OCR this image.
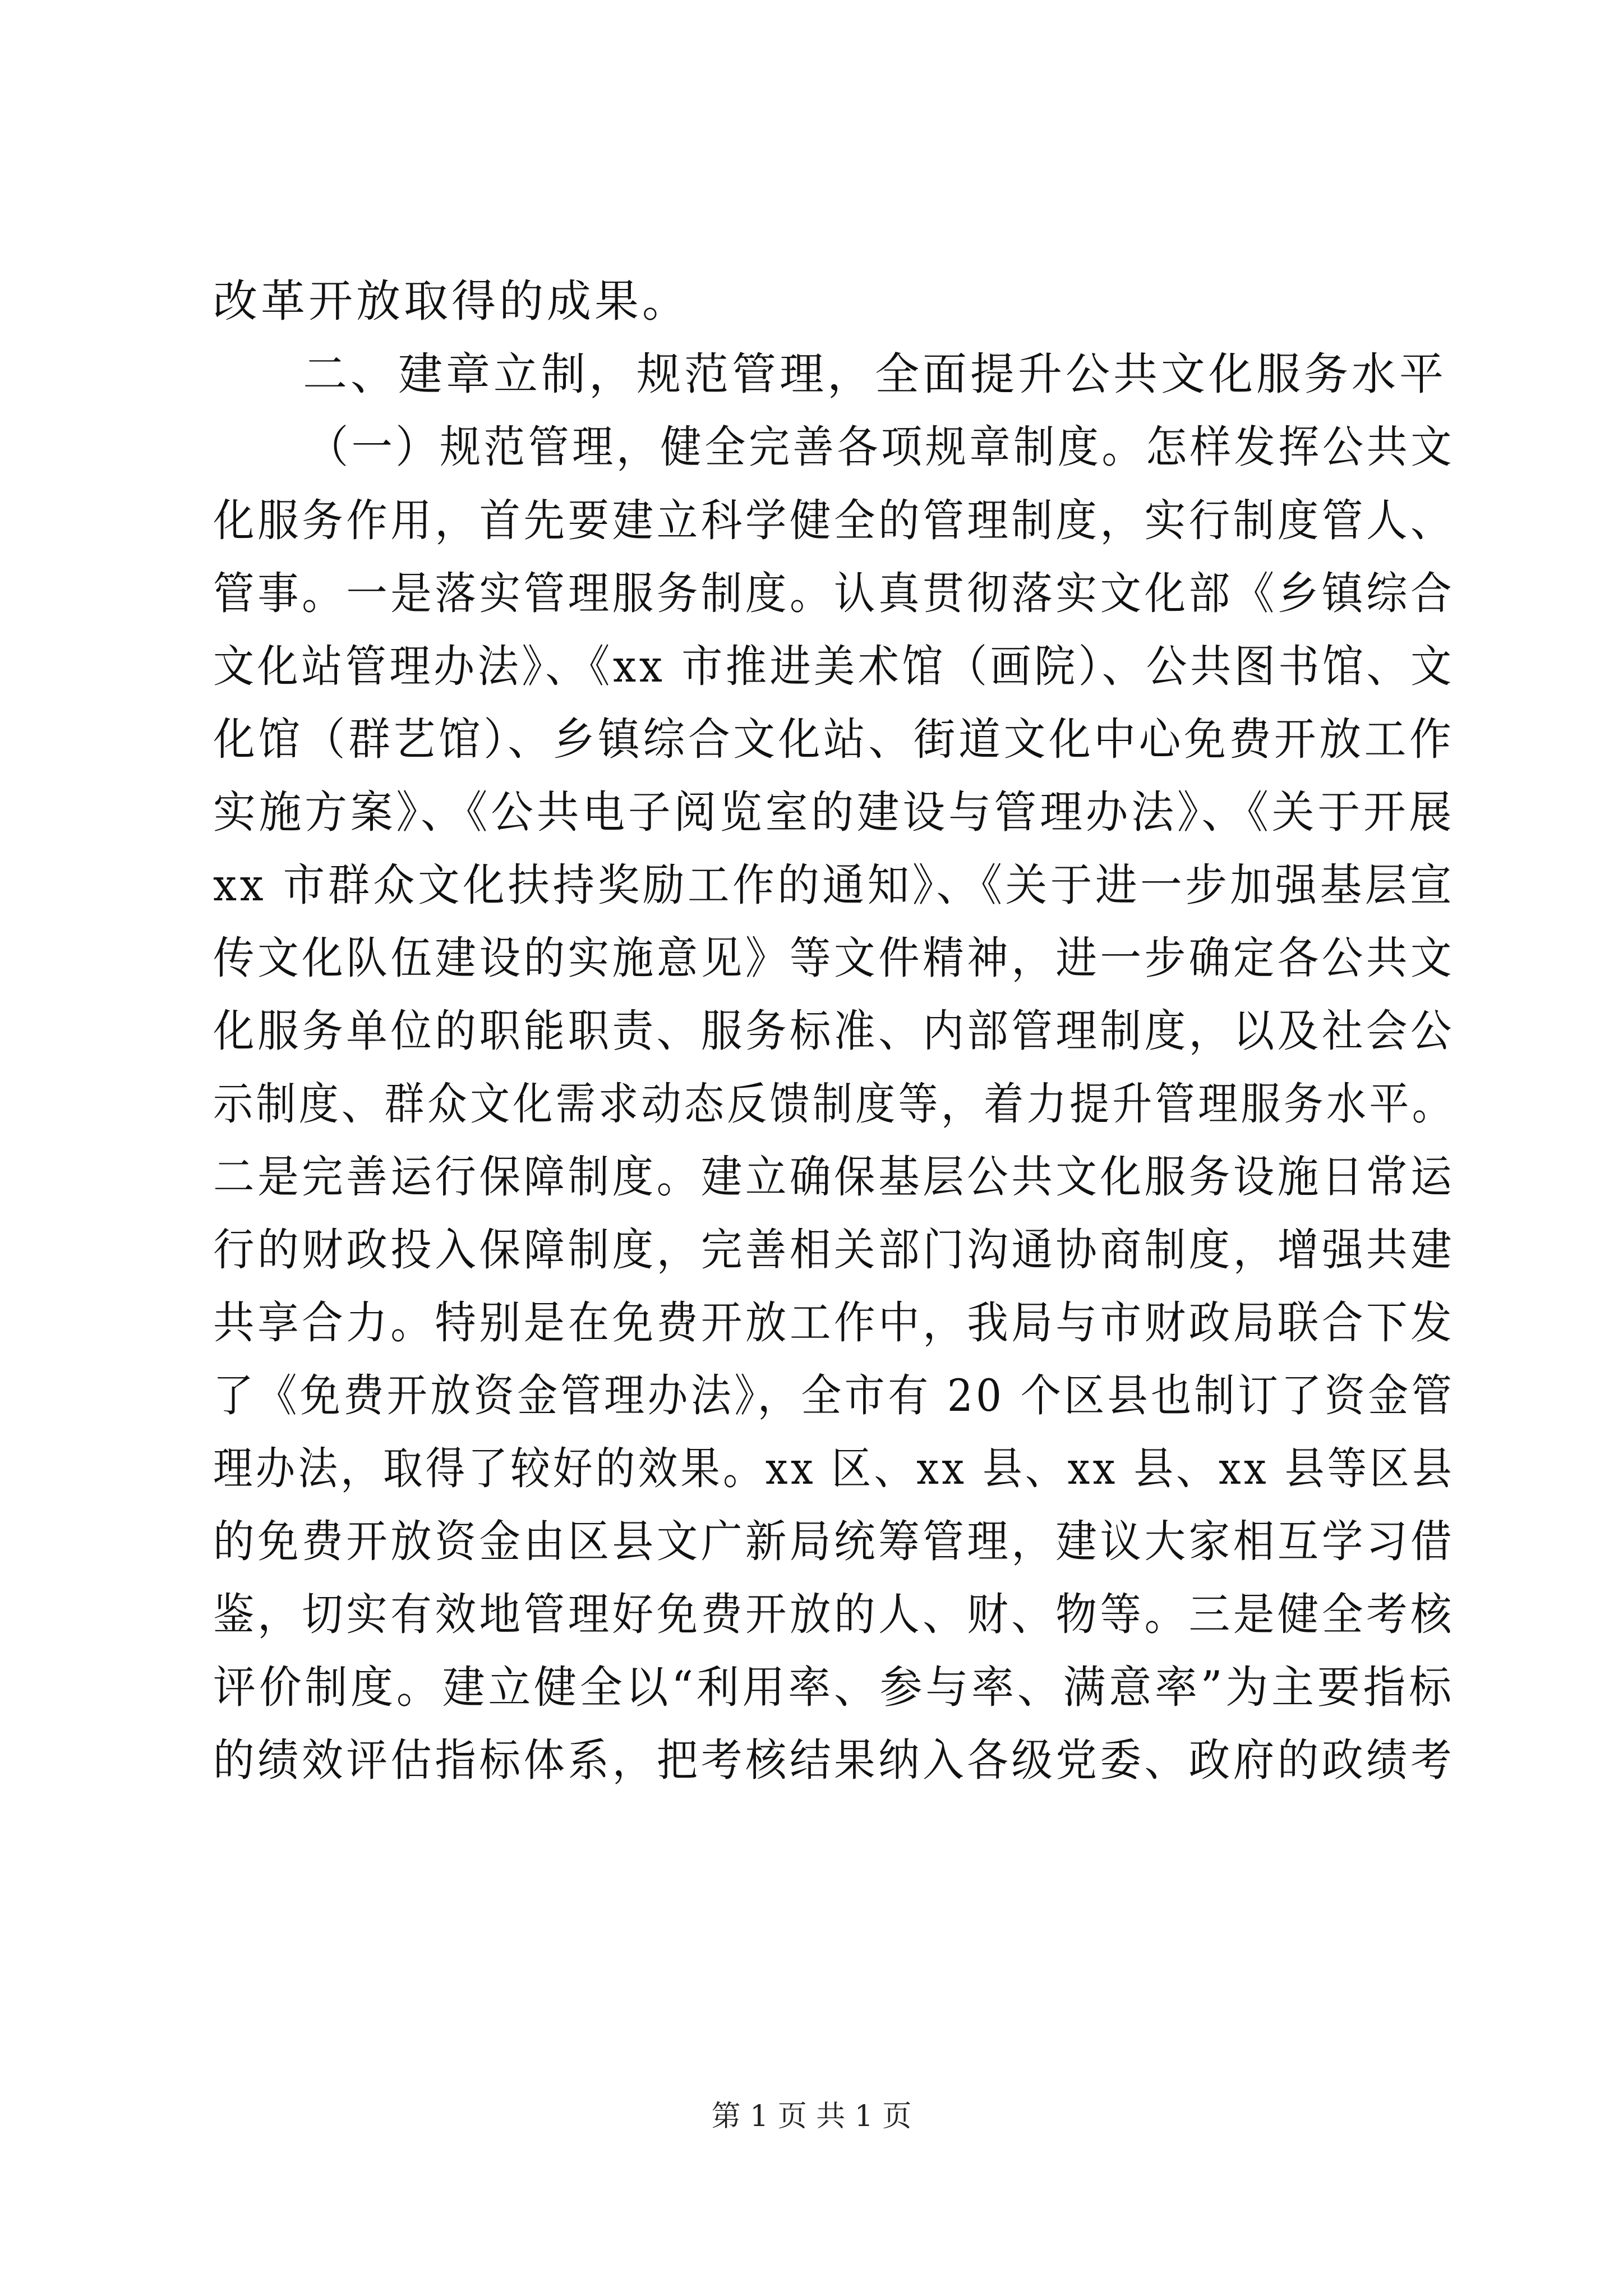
改革开放取得的成果。
二、建章立制，规范管理，全面提升公共文化服务水平
（一）规范管理，健全完善各项规章制度。怎样发挥公共文
化服务作用，首先要建立科学健全的管理制度，实行制度管人、
管事。一是落实管理服务制度。认真贯彻落实文化部《乡镇综合
文化站管理办法》、《xx 市推进美术馆（画院）、公共图书馆、文
化馆（群艺馆）、乡镇综合文化站、街道文化中心免费开放工作
实施方案》、《公共电子阅览室的建设与管理办法》、《关于开展
xx 市群众文化扶持奖励工作的通知》、《关于进一步加强基层宣
传文化队伍建设的实施意见》等文件精神，进一步确定各公共文
化服务单位的职能职责、服务标准、内部管理制度，以及社会公
示制度、群众文化需求动态反馈制度等，着力提升管理服务水平。
二是完善运行保障制度。建立确保基层公共文化服务设施日常运
行的财政投入保障制度，完善相关部门沟通协商制度，增强共建
共享合力。特别是在免费开放工作中，我局与市财政局联合下发
了《免费开放资金管理办法》，全市有 20 个区县也制订了资金管
理办法，取得了较好的效果。xx 区、xx 县、xx 县、xx 县等区县
的免费开放资金由区县文广新局统筹管理，建议大家相互学习借
鉴，切实有效地管理好免费开放的人、财、物等。三是健全考核
评价制度。建立健全以“利用率、参与率、满意率”为主要指标
的绩效评估指标体系，把考核结果纳入各级党委、政府的政绩考
第 1 页 共 1 页
